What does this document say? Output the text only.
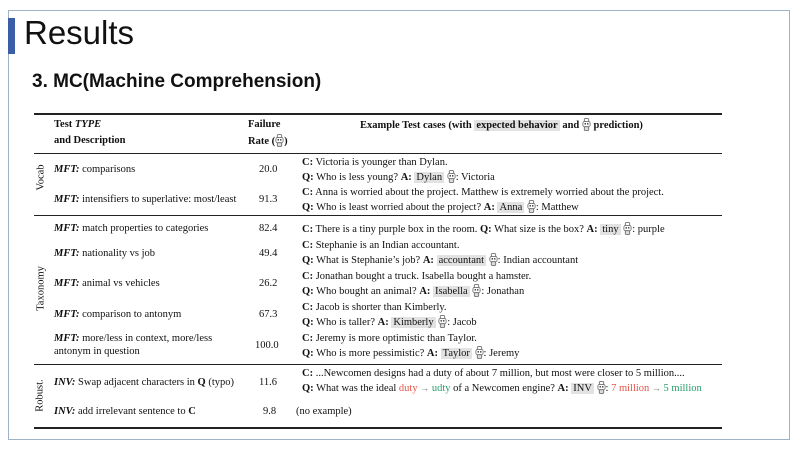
Results
3. MC(Machine Comprehension)
Test TYPE
and Description
Failure
Rate ( )
Example Test cases (with expected behavior and  prediction)
Vocab
Taxonomy
Robust.
MFT: comparisons	20.0
C: Victoria is younger than Dylan.
Q: Who is less young? A: Dylan : Victoria
MFT: intensifiers to superlative: most/least 91.3
C: Anna is worried about the project. Matthew is extremely worried about the project.
Q: Who is least worried about the project? A: Anna : Matthew
MFT: match properties to categories	82.4 C: There is a tiny purple box in the room. Q: What size is the box? A: tiny : purple
MFT: nationality vs job	49.4
C: Stephanie is an Indian accountant.
Q: What is Stephanie’s job? A: accountant : Indian accountant
MFT: animal vs vehicles	26.2
C: Jonathan bought a truck. Isabella bought a hamster.
Q: Who bought an animal? A: Isabella : Jonathan
MFT: comparison to antonym	67.3
C: Jacob is shorter than Kimberly.
Q: Who is taller? A: Kimberly : Jacob
MFT: more/less in context, more/less
antonym in question
100.0
C: Jeremy is more optimistic than Taylor.
Q: Who is more pessimistic? A: Taylor : Jeremy
INV: Swap adjacent characters in Q (typo) 11.6
C: ...Newcomen designs had a duty of about 7 million, but most were closer to 5 million....
Q: What was the ideal duty → udty of a Newcomen engine? A: INV : 7 million → 5 million
INV: add irrelevant sentence to C	9.8 (no example)
